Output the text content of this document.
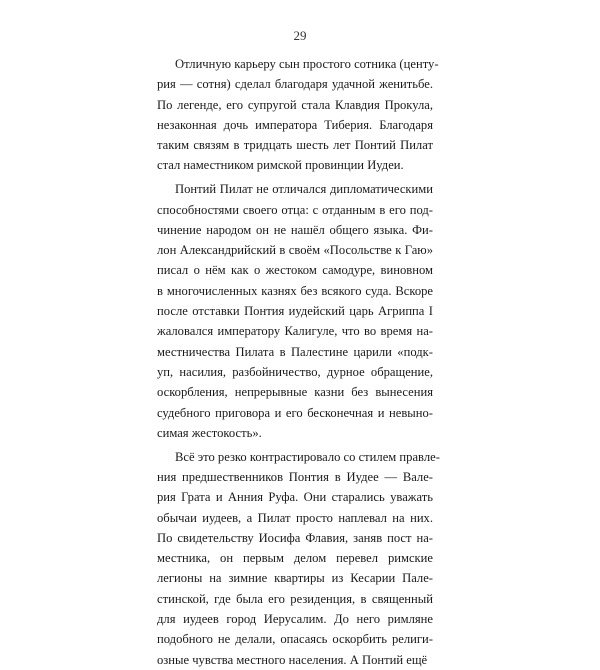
29
Отличную карьеру сын простого сотника (центу-
рия — сотня) сделал благодаря удачной женитьбе.
По легенде, его супругой стала Клавдия Прокула,
незаконная дочь императора Тиберия. Благодаря
таким связям в тридцать шесть лет Понтий Пилат
стал наместником римской провинции Иудеи.
Понтий Пилат не отличался дипломатическими
способностями своего отца: с отданным в его под-
чинение народом он не нашёл общего языка. Фи-
лон Александрийский в своём «Посольстве к Гаю»
писал о нём как о жестоком самодуре, виновном
в многочисленных казнях без всякого суда. Вскоре
после отставки Понтия иудейский царь Агриппа I
жаловался императору Калигуле, что во время на-
местничества Пилата в Палестине царили «подк-
уп, насилия, разбойничество, дурное обращение,
оскорбления, непрерывные казни без вынесения
судебного приговора и его бесконечная и невыно-
симая жестокость».
Всё это резко контрастировало со стилем правле-
ния предшественников Понтия в Иудее — Вале-
рия Грата и Анния Руфа. Они старались уважать
обычаи иудеев, а Пилат просто наплевал на них.
По свидетельству Иосифа Флавия, заняв пост на-
местника, он первым делом перевел римские
легионы на зимние квартиры из Кесарии Пале-
стинской, где была его резиденция, в священный
для иудеев город Иерусалим. До него римляне
подобного не делали, опасаясь оскорбить религи-
озные чувства местного населения. А Понтий ещё
